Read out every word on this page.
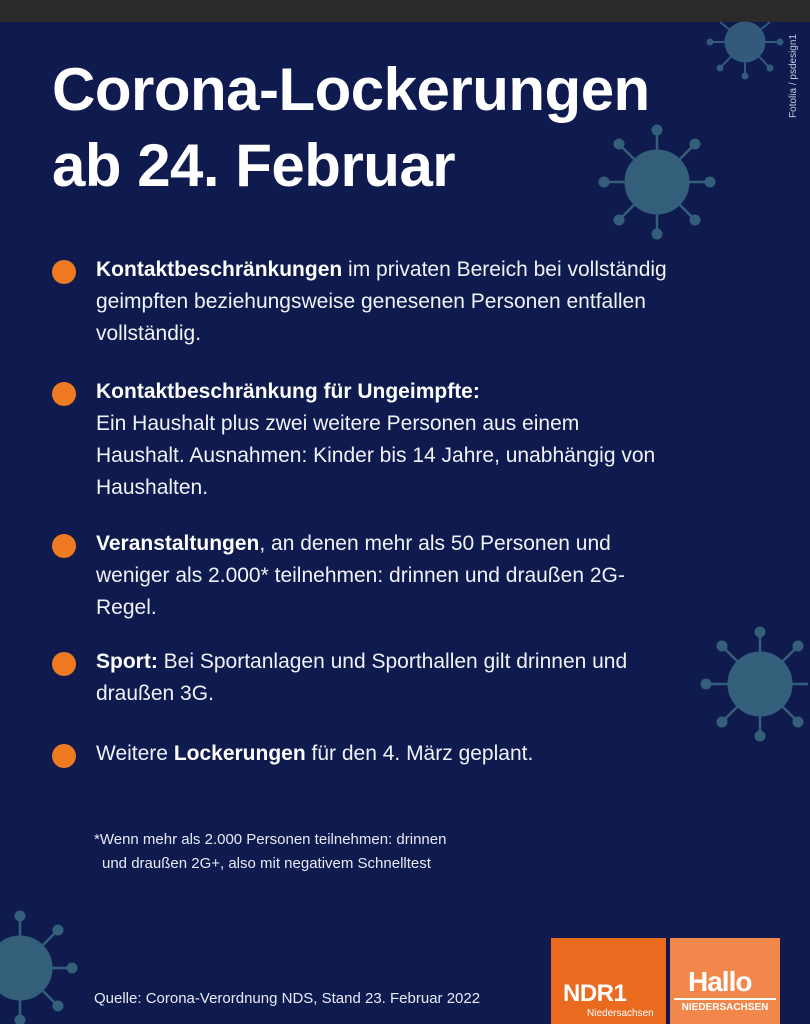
Corona-Lockerungen
ab 24. Februar
Fotolia / psdesign1
Kontaktbeschränkungen im privaten Bereich bei vollständig geimpften beziehungsweise genesenen Personen entfallen vollständig.
Kontaktbeschränkung für Ungeimpfte:
Ein Haushalt plus zwei weitere Personen aus einem Haushalt. Ausnahmen: Kinder bis 14 Jahre, unabhängig von Haushalten.
Veranstaltungen, an denen mehr als 50 Personen und weniger als 2.000* teilnehmen: drinnen und draußen 2G-Regel.
Sport: Bei Sportanlagen und Sporthallen gilt drinnen und draußen 3G.
Weitere Lockerungen für den 4. März geplant.
*Wenn mehr als 2.000 Personen teilnehmen: drinnen
und draußen 2G+, also mit negativem Schnelltest
Quelle: Corona-Verordnung NDS, Stand 23. Februar 2022	NDR1
Niedersachsen
Hallo
NIEDERSACHSEN
